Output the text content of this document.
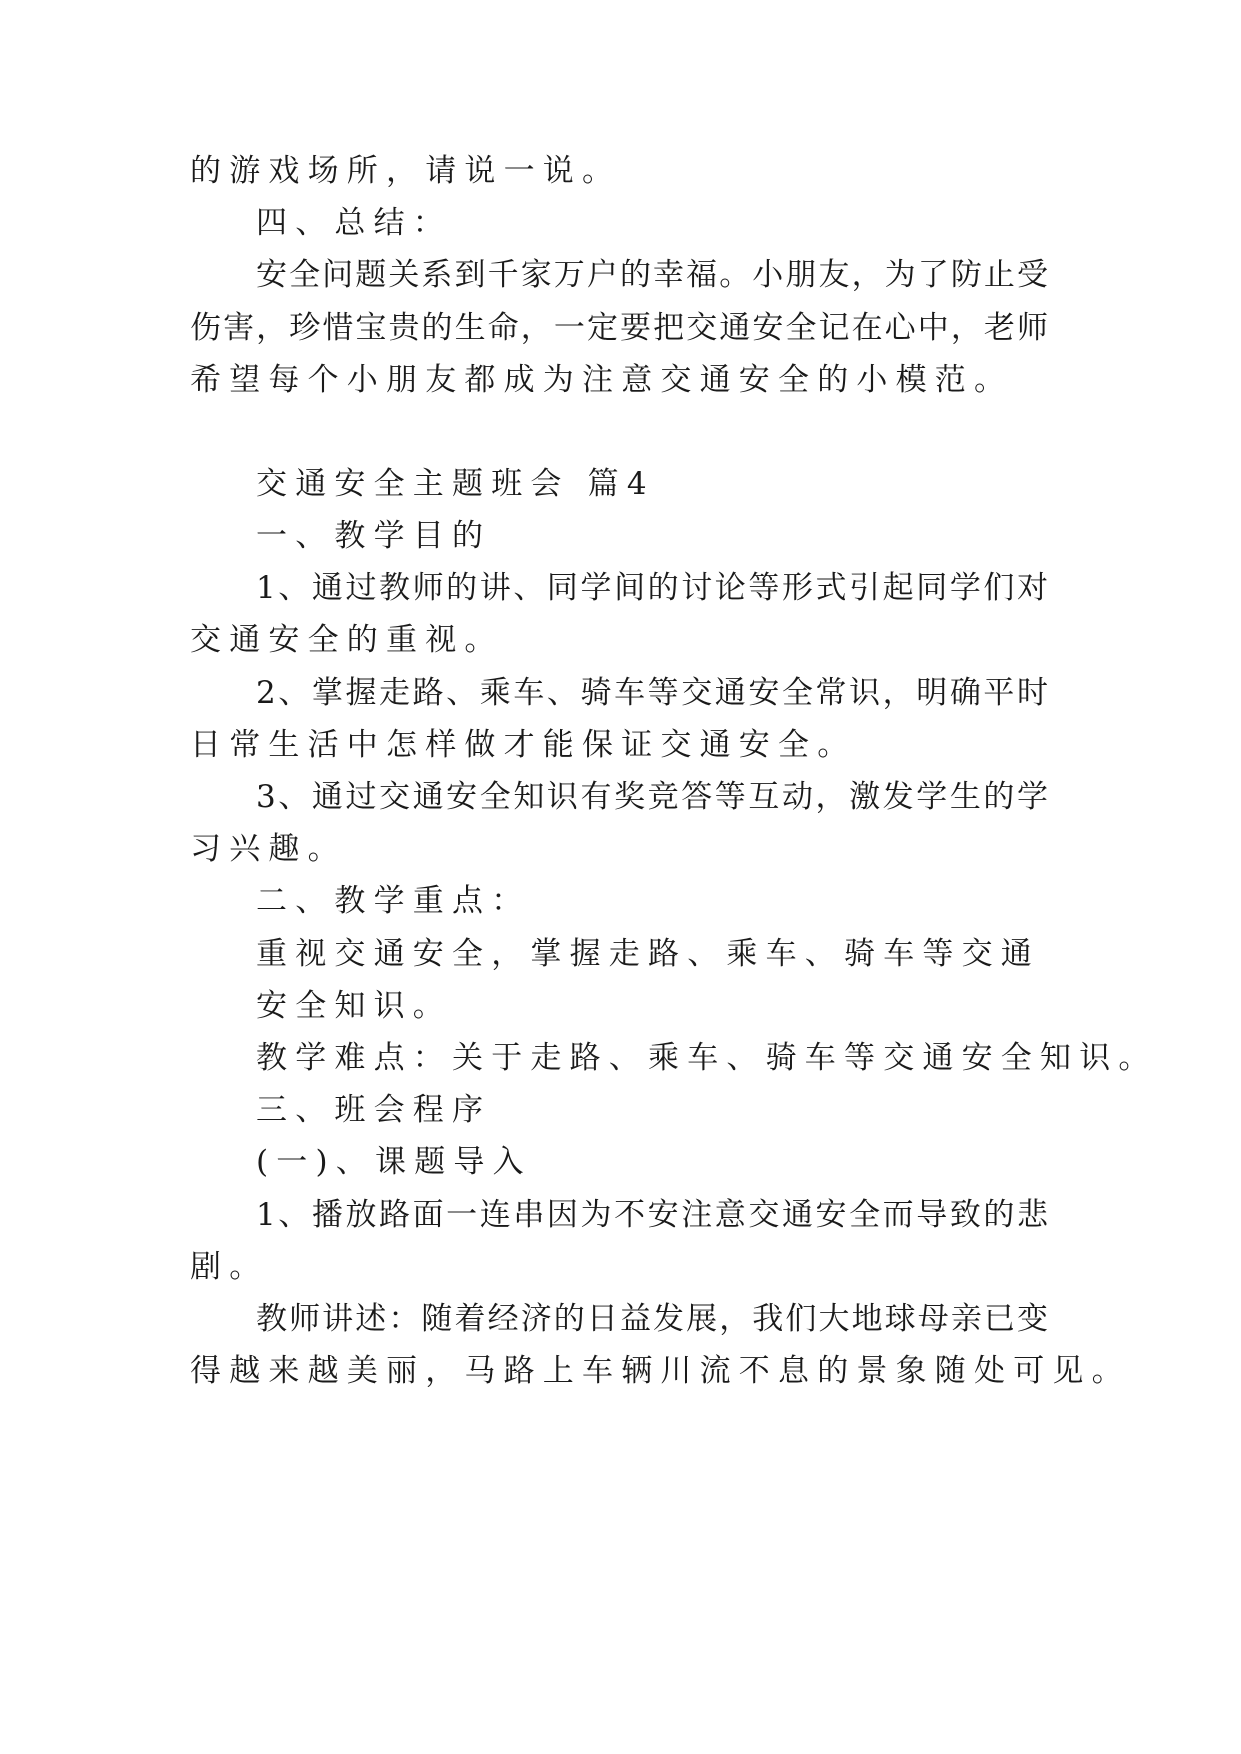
的游戏场所，请说一说。

四、总结：

安全问题关系到千家万户的幸福。小朋友，为了防止受

伤害，珍惜宝贵的生命，一定要把交通安全记在心中，老师

希望每个小朋友都成为注意交通安全的小模范。

交通安全主题班会 篇4

一、教学目的

1、通过教师的讲、同学间的讨论等形式引起同学们对

交通安全的重视。

2、掌握走路、乘车、骑车等交通安全常识，明确平时

日常生活中怎样做才能保证交通安全。

3、通过交通安全知识有奖竞答等互动，激发学生的学

习兴趣。

二、教学重点：

重视交通安全，掌握走路、乘车、骑车等交通

安全知识。

教学难点：关于走路、乘车、骑车等交通安全知识。

三、班会程序

(一)、课题导入

1、播放路面一连串因为不安注意交通安全而导致的悲

剧。

教师讲述：随着经济的日益发展，我们大地球母亲已变

得越来越美丽，马路上车辆川流不息的景象随处可见。
